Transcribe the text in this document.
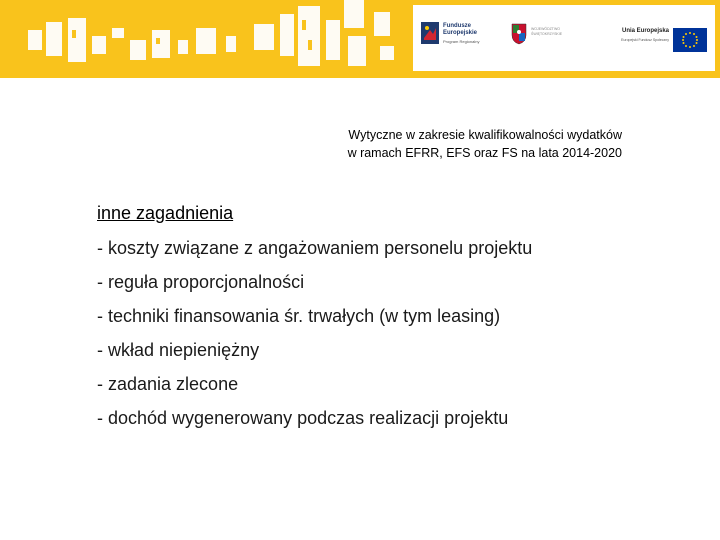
Fundusze
Europejskie
Program Regionalny
WOJEWÓDZTWO
ŚWIĘTOKRZYSKIE	Unia Europejska
Europejski Fundusz Społeczny
Wytyczne w zakresie kwalifikowalności wydatków
w ramach EFRR, EFS oraz FS na lata 2014-2020
inne zagadnienia
- koszty związane z angażowaniem personelu projektu
- reguła proporcjonalności
- techniki finansowania śr. trwałych (w tym leasing)
- wkład niepieniężny
- zadania zlecone
- dochód wygenerowany podczas realizacji projektu
